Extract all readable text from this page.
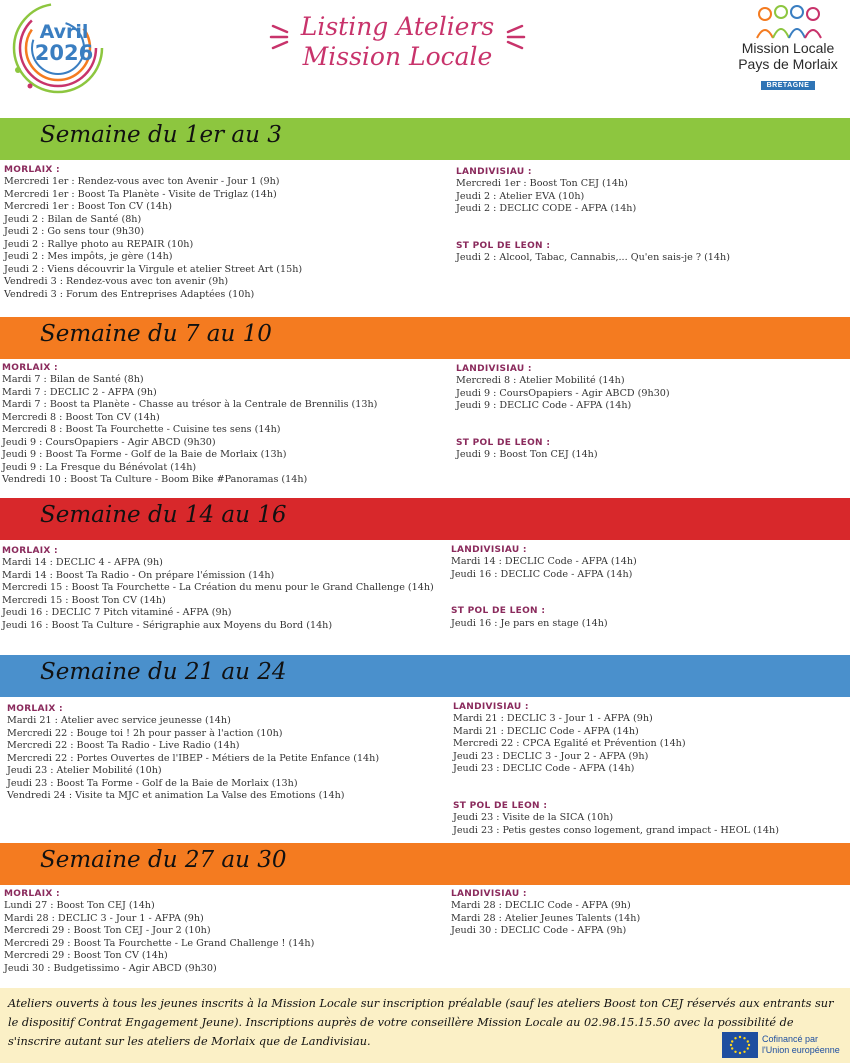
Avril
2026
Listing Ateliers
Mission Locale	Mission Locale
Pays de Morlaix
BRETAGNE
Semaine du 1er au 3
MORLAIX :
Mercredi 1er : Rendez-vous avec ton Avenir - Jour 1 (9h)
Mercredi 1er : Boost Ta Planète - Visite de Triglaz (14h)
Mercredi 1er : Boost Ton CV (14h)
Jeudi 2 : Bilan de Santé (8h)
Jeudi 2 : Go sens tour (9h30)
Jeudi 2 : Rallye photo au REPAIR (10h)
Jeudi 2 : Mes impôts, je gère (14h)
Jeudi 2 : Viens découvrir la Virgule et atelier Street Art (15h)
Vendredi 3 : Rendez-vous avec ton avenir (9h)
Vendredi 3 : Forum des Entreprises Adaptées (10h)
LANDIVISIAU :
Mercredi 1er : Boost Ton CEJ (14h)
Jeudi 2 : Atelier EVA (10h)
Jeudi 2 : DECLIC CODE - AFPA (14h)
ST POL DE LEON :
Jeudi 2 : Alcool, Tabac, Cannabis,... Qu'en sais-je ? (14h)
Semaine du 7 au 10
MORLAIX :
Mardi 7 : Bilan de Santé (8h)
Mardi 7 : DECLIC 2 - AFPA (9h)
Mardi 7 : Boost ta Planète - Chasse au trésor à la Centrale de Brennilis (13h)
Mercredi 8 : Boost Ton CV (14h)
Mercredi 8 : Boost Ta Fourchette - Cuisine tes sens (14h)
Jeudi 9 : CoursOpapiers - Agir ABCD (9h30)
Jeudi 9 : Boost Ta Forme - Golf de la Baie de Morlaix (13h)
Jeudi 9 : La Fresque du Bénévolat (14h)
Vendredi 10 : Boost Ta Culture - Boom Bike #Panoramas (14h)
LANDIVISIAU :
Mercredi 8 : Atelier Mobilité (14h)
Jeudi 9 : CoursOpapiers - Agir ABCD (9h30)
Jeudi 9 : DECLIC Code - AFPA (14h)
ST POL DE LEON :
Jeudi 9 : Boost Ton CEJ (14h)
Semaine du 14 au 16
MORLAIX :
Mardi 14 : DECLIC 4 - AFPA (9h)
Mardi 14 : Boost Ta Radio - On prépare l'émission (14h)
Mercredi 15 : Boost Ta Fourchette - La Création du menu pour le Grand Challenge (14h)
Mercredi 15 : Boost Ton CV (14h)
Jeudi 16 : DECLIC 7 Pitch vitaminé - AFPA (9h)
Jeudi 16 : Boost Ta Culture - Sérigraphie aux Moyens du Bord (14h)
LANDIVISIAU :
Mardi 14 : DECLIC Code - AFPA (14h)
Jeudi 16 : DECLIC Code - AFPA (14h)
ST POL DE LEON :
Jeudi 16 : Je pars en stage (14h)
Semaine du 21 au 24
MORLAIX :
Mardi 21 : Atelier avec service jeunesse (14h)
Mercredi 22 : Bouge toi ! 2h pour passer à l'action (10h)
Mercredi 22 : Boost Ta Radio - Live Radio (14h)
Mercredi 22 : Portes Ouvertes de l'IBEP - Métiers de la Petite Enfance (14h)
Jeudi 23 : Atelier Mobilité (10h)
Jeudi 23 : Boost Ta Forme - Golf de la Baie de Morlaix (13h)
Vendredi 24 : Visite ta MJC et animation La Valse des Emotions (14h)
LANDIVISIAU :
Mardi 21 : DECLIC 3 - Jour 1 - AFPA (9h)
Mardi 21 : DECLIC Code - AFPA (14h)
Mercredi 22 : CPCA Egalité et Prévention (14h)
Jeudi 23 : DECLIC 3 - Jour 2 - AFPA (9h)
Jeudi 23 : DECLIC Code - AFPA (14h)
ST POL DE LEON :
Jeudi 23 : Visite de la SICA (10h)
Jeudi 23 : Petis gestes conso logement, grand impact - HEOL (14h)
Semaine du 27 au 30
MORLAIX :
Lundi 27 : Boost Ton CEJ (14h)
Mardi 28 : DECLIC 3 - Jour 1 - AFPA (9h)
Mercredi 29 : Boost Ton CEJ - Jour 2 (10h)
Mercredi 29 : Boost Ta Fourchette - Le Grand Challenge ! (14h)
Mercredi 29 : Boost Ton CV (14h)
Jeudi 30 : Budgetissimo - Agir ABCD (9h30)
LANDIVISIAU :
Mardi 28 : DECLIC Code - AFPA (9h)
Mardi 28 : Atelier Jeunes Talents (14h)
Jeudi 30 : DECLIC Code - AFPA (9h)
Ateliers ouverts à tous les jeunes inscrits à la Mission Locale sur inscription préalable (sauf les ateliers Boost ton CEJ réservés aux entrants sur le dispositif Contrat Engagement Jeune). Inscriptions auprès de votre conseillère Mission Locale au 02.98.15.15.50 avec la possibilité de s'inscrire autant sur les ateliers de Morlaix que de Landivisiau.	Cofinancé par
l'Union européenne
